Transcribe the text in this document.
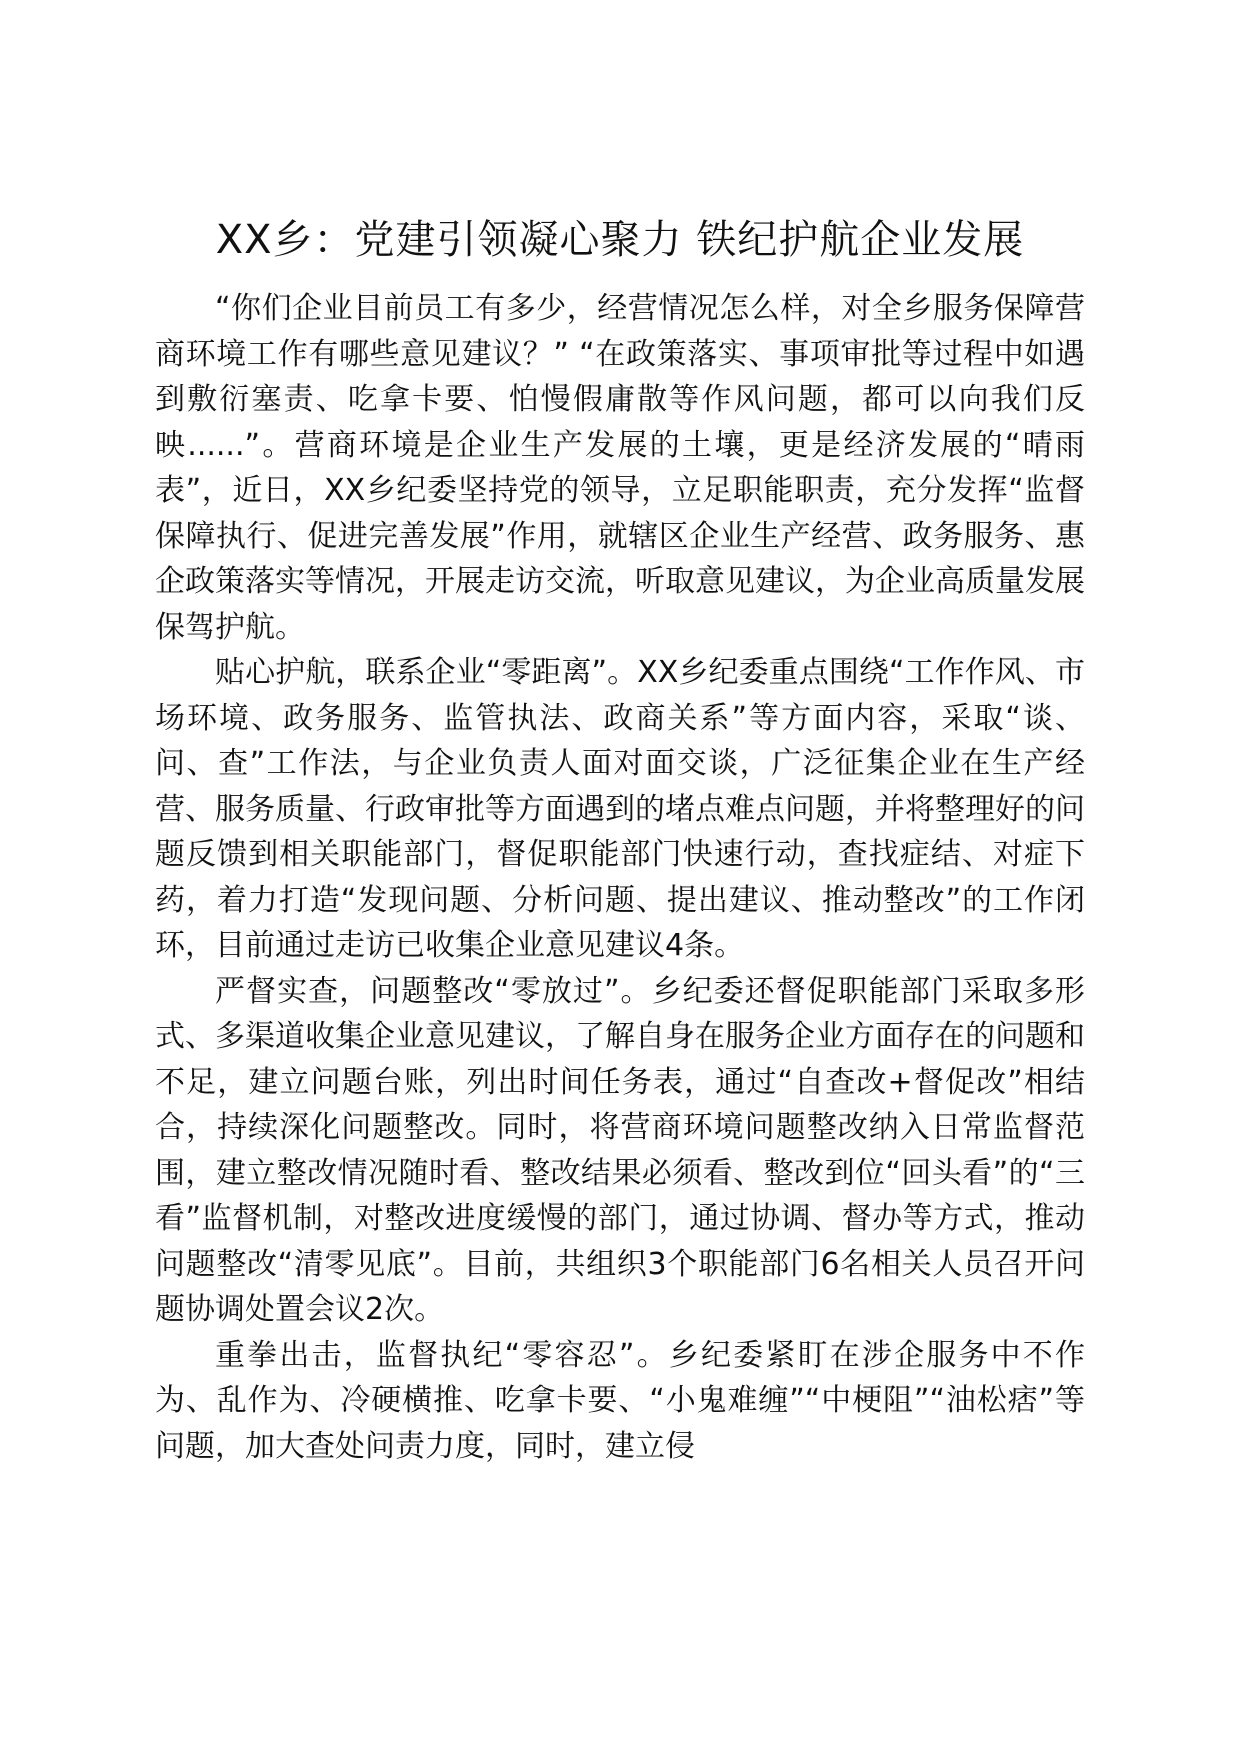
XX乡：党建引领凝心聚力 铁纪护航企业发展

“你们企业目前员工有多少，经营情况怎么样，对全乡服务保障营商环境工作有哪些意见建议？” “在政策落实、事项审批等过程中如遇到敷衍塞责、吃拿卡要、怕慢假庸散等作风问题，都可以向我们反映......”。营商环境是企业生产发展的土壤，更是经济发展的“晴雨表”，近日，XX乡纪委坚持党的领导，立足职能职责，充分发挥“监督保障执行、促进完善发展”作用，就辖区企业生产经营、政务服务、惠企政策落实等情况，开展走访交流，听取意见建议，为企业高质量发展保驾护航。

贴心护航，联系企业“零距离”。XX乡纪委重点围绕“工作作风、市场环境、政务服务、监管执法、政商关系”等方面内容，采取“谈、问、查”工作法，与企业负责人面对面交谈，广泛征集企业在生产经营、服务质量、行政审批等方面遇到的堵点难点问题，并将整理好的问题反馈到相关职能部门，督促职能部门快速行动，查找症结、对症下药，着力打造“发现问题、分析问题、提出建议、推动整改”的工作闭环，目前通过走访已收集企业意见建议4条。

严督实查，问题整改“零放过”。乡纪委还督促职能部门采取多形式、多渠道收集企业意见建议，了解自身在服务企业方面存在的问题和不足，建立问题台账，列出时间任务表，通过“自查改+督促改”相结合，持续深化问题整改。同时，将营商环境问题整改纳入日常监督范围，建立整改情况随时看、整改结果必须看、整改到位“回头看”的“三看”监督机制，对整改进度缓慢的部门，通过协调、督办等方式，推动问题整改“清零见底”。目前，共组织3个职能部门6名相关人员召开问题协调处置会议2次。

重拳出击，监督执纪“零容忍”。乡纪委紧盯在涉企服务中不作为、乱作为、冷硬横推、吃拿卡要、“小鬼难缠”“中梗阻”“油松痞”等问题，加大查处问责力度，同时，建立侵
